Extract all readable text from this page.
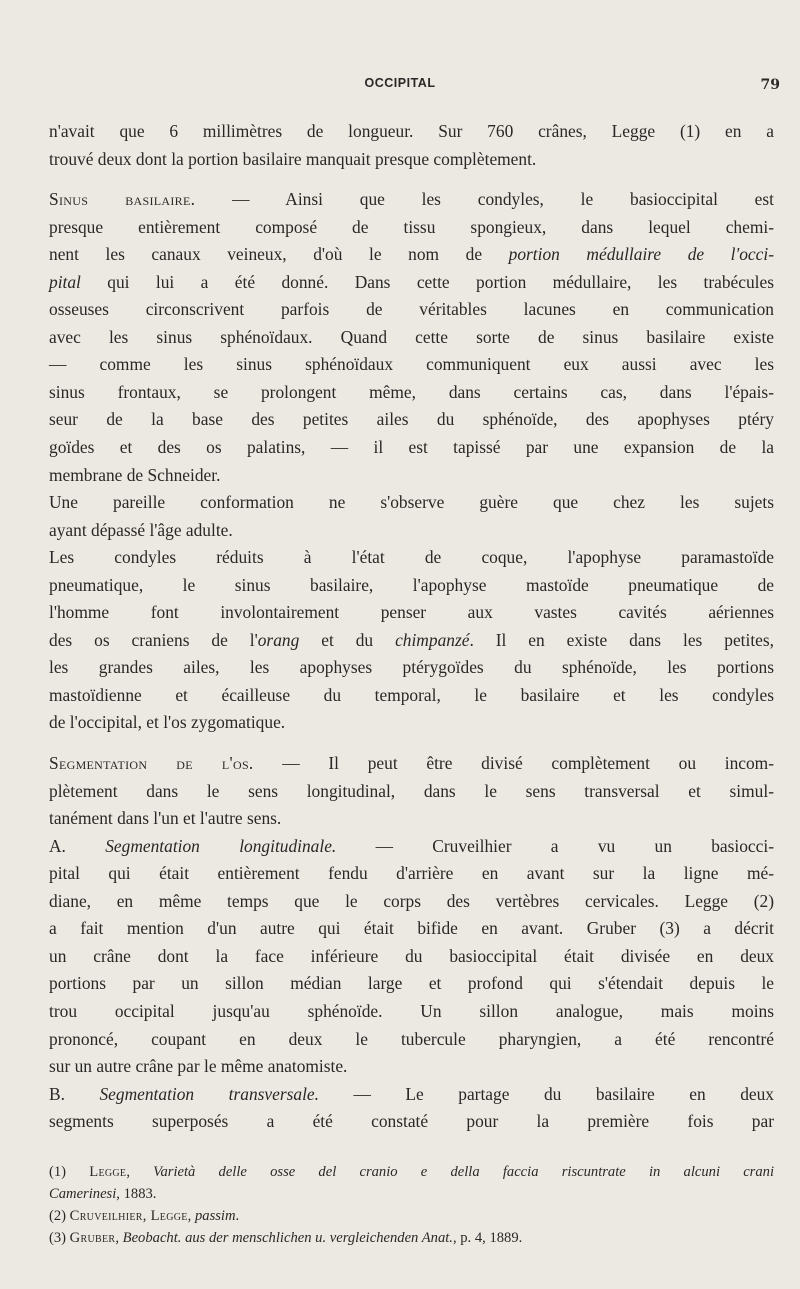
OCCIPITAL	79
n'avait que 6 millimètres de longueur. Sur 760 crânes, Legge (1) en a
trouvé deux dont la portion basilaire manquait presque complètement.
Sinus basilaire. — Ainsi que les condyles, le basioccipital est
presque entièrement composé de tissu spongieux, dans lequel chemi-
nent les canaux veineux, d'où le nom de portion médullaire de l'occi-
pital qui lui a été donné. Dans cette portion médullaire, les trabécules
osseuses circonscrivent parfois de véritables lacunes en communication
avec les sinus sphénoïdaux. Quand cette sorte de sinus basilaire existe
— comme les sinus sphénoïdaux communiquent eux aussi avec les
sinus frontaux, se prolongent même, dans certains cas, dans l'épais-
seur de la base des petites ailes du sphénoïde, des apophyses ptéry
goïdes et des os palatins, — il est tapissé par une expansion de la
membrane de Schneider.
Une pareille conformation ne s'observe guère que chez les sujets
ayant dépassé l'âge adulte.
Les condyles réduits à l'état de coque, l'apophyse paramastoïde
pneumatique, le sinus basilaire, l'apophyse mastoïde pneumatique de
l'homme font involontairement penser aux vastes cavités aériennes
des os craniens de l'orang et du chimpanzé. Il en existe dans les petites,
les grandes ailes, les apophyses ptérygoïdes du sphénoïde, les portions
mastoïdienne et écailleuse du temporal, le basilaire et les condyles
de l'occipital, et l'os zygomatique.
Segmentation de l'os. — Il peut être divisé complètement ou incom-
plètement dans le sens longitudinal, dans le sens transversal et simul-
tanément dans l'un et l'autre sens.
A. Segmentation longitudinale. — Cruveilhier a vu un basiocci-
pital qui était entièrement fendu d'arrière en avant sur la ligne mé-
diane, en même temps que le corps des vertèbres cervicales. Legge (2)
a fait mention d'un autre qui était bifide en avant. Gruber (3) a décrit
un crâne dont la face inférieure du basioccipital était divisée en deux
portions par un sillon médian large et profond qui s'étendait depuis le
trou occipital jusqu'au sphénoïde. Un sillon analogue, mais moins
prononcé, coupant en deux le tubercule pharyngien, a été rencontré
sur un autre crâne par le même anatomiste.
B. Segmentation transversale. — Le partage du basilaire en deux
segments superposés a été constaté pour la première fois par
(1) Legge, Varietà delle osse del cranio e della faccia riscuntrate in alcuni crani
Camerinesi, 1883.
(2) Cruveilhier, Legge, passim.
(3) Gruber, Beobacht. aus der menschlichen u. vergleichenden Anat., p. 4, 1889.
